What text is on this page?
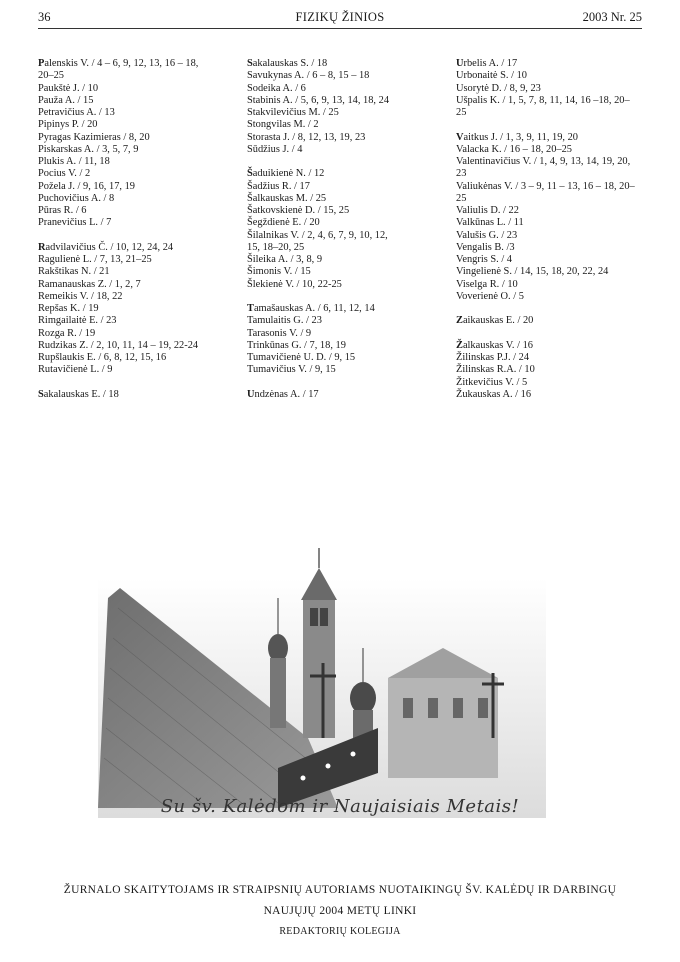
36	FIZIKŲ ŽINIOS	2003 Nr. 25
Palenskis V. / 4 – 6, 9, 12, 13, 16 – 18,
20–25
Paukštė J. / 10
Pauža A. / 15
Petravičius A. / 13
Pipinys P. / 20
Pyragas Kazimieras / 8, 20
Piskarskas A. / 3, 5, 7, 9
Plukis A. / 11, 18
Pocius V. / 2
Požela J. / 9, 16, 17, 19
Puchovičius A. / 8
Pūras R. / 6
Pranevičius L. / 7
Radvilavičius Č. / 10, 12, 24, 24
Ragulienė L. / 7, 13, 21–25
Rakštikas N. / 21
Ramanauskas Z. / 1, 2, 7
Remeikis V. / 18, 22
Repšas K. / 19
Rimgailaitė E. / 23
Rozga R. / 19
Rudzikas Z. / 2, 10, 11, 14 – 19, 22-24
Rupšlaukis E. / 6, 8, 12, 15, 16
Rutavičienė L. / 9
Sakalauskas E. / 18
Sakalauskas S. / 18
Savukynas A. / 6 – 8, 15 – 18
Sodeika A. / 6
Stabinis A. / 5, 6, 9, 13, 14, 18, 24
Stakvilevičius M. / 25
Stongvilas M. / 2
Storasta J. / 8, 12, 13, 19, 23
Sūdžius J. / 4
Šaduikienė N. / 12
Šadžius R. / 17
Šalkauskas M. / 25
Šatkovskienė D. / 15, 25
Šegždienė E. / 20
Šilalnikas V. / 2, 4, 6, 7, 9, 10, 12,
15, 18–20, 25
Šileika A. / 3, 8, 9
Šimonis V. / 15
Šlekienė V. / 10, 22-25
Tamašauskas A. / 6, 11, 12, 14
Tamulaitis G. / 23
Tarasonis V. / 9
Trinkūnas G. / 7, 18, 19
Tumavičienė U. D. / 9, 15
Tumavičius V. / 9, 15
Undzėnas A. / 17
Urbelis A. / 17
Urbonaitė S. / 10
Usorytė D. / 8, 9, 23
Ušpalis K. / 1, 5, 7, 8, 11, 14, 16 –18, 20–
25
Vaitkus J. / 1, 3, 9, 11, 19, 20
Valacka K. / 16 – 18, 20–25
Valentinavičius V. / 1, 4, 9, 13, 14, 19, 20,
23
Valiukėnas V. / 3 – 9, 11 – 13, 16 – 18, 20–
25
Valiulis D. / 22
Valkūnas L. / 11
Valušis G. / 23
Vengalis B. /3
Vengris S. / 4
Vingelienė S. / 14, 15, 18, 20, 22, 24
Viselga R. / 10
Voverienė O. / 5
Zaikauskas E. / 20
Žalkauskas V. / 16
Žilinskas P.J. / 24
Žilinskas R.A. / 10
Žitkevičius V. / 5
Žukauskas A. / 16
Su šv. Kalėdom ir Naujaisiais Metais!
ŽURNALO SKAITYTOJAMS IR STRAIPSNIŲ AUTORIAMS NUOTAIKINGŲ ŠV. KALĖDŲ IR DARBINGŲ
NAUJŲJŲ 2004 METŲ LINKI
REDAKTORIŲ KOLEGIJA
